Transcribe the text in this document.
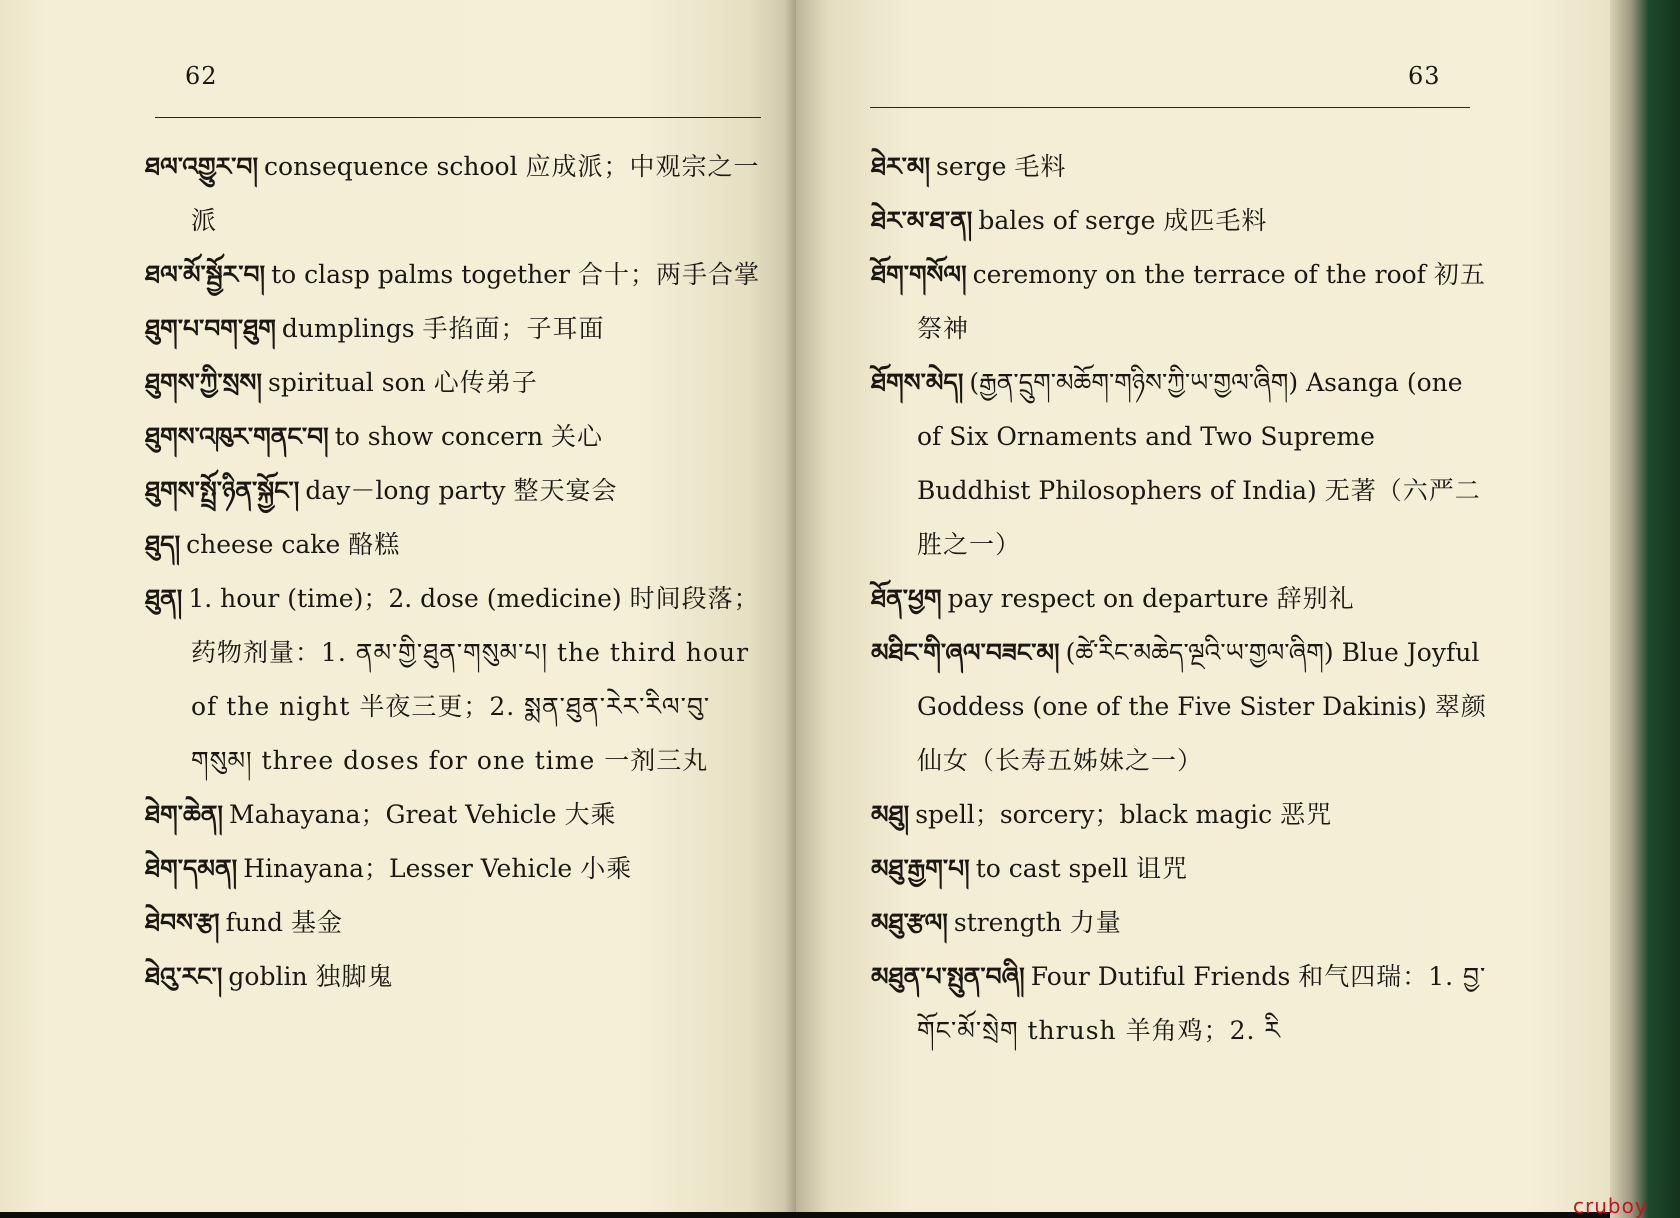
62
ཐལ་འགྱུར་བ། consequence school 应成派；中观宗之一派
ཐལ་མོ་སྦྱོར་བ། to clasp palms together 合十；两手合掌
ཐུག་པ་བག་ཐུག dumplings 手掐面；子耳面
ཐུགས་ཀྱི་སྲས། spiritual son 心传弟子
ཐུགས་འཁུར་གནང་བ། to show concern 关心
ཐུགས་སྤྲོ་ཉིན་སྐྱོང་། day－long party 整天宴会
ཐུད། cheese cake 酪糕
ཐུན། 1. hour (time)；2. dose (medicine) 时间段落；药物剂量：1. ནམ་གྱི་ཐུན་གསུམ་པ། the third hour of the night 半夜三更；2. སྨན་ཐུན་རེར་རིལ་བུ་གསུམ། three doses for one time 一剂三丸
ཐེག་ཆེན། Mahayana；Great Vehicle 大乘
ཐེག་དམན། Hinayana；Lesser Vehicle 小乘
ཐེབས་རྩ། fund 基金
ཐེའུ་རང་། goblin 独脚鬼
63
ཐེར་མ། serge 毛料
ཐེར་མ་ཐ་ན། bales of serge 成匹毛料
ཐོག་གསོལ། ceremony on the terrace of the roof 初五祭神
ཐོགས་མེད། (རྒྱན་དྲུག་མཆོག་གཉིས་ཀྱི་ཡ་གྱལ་ཞིག) Asanga (one of Six Ornaments and Two Supreme Buddhist Philosophers of India) 无著（六严二胜之一）
ཐོན་ཕྱག pay respect on departure 辞别礼
མཐིང་གི་ཞལ་བཟང་མ། (ཚེ་རིང་མཆེད་ལྔའི་ཡ་གྱལ་ཞིག) Blue Joyful Goddess (one of the Five Sister Dakinis) 翠颜仙女（长寿五姊妹之一）
མཐུ། spell；sorcery；black magic 恶咒
མཐུ་རྒྱག་པ། to cast spell 诅咒
མཐུ་རྩལ། strength 力量
མཐུན་པ་སྤུན་བཞི། Four Dutiful Friends 和气四瑞：1. བྱ་གོང་མོ་སྲེག thrush 羊角鸡；2. རི
cruboy
